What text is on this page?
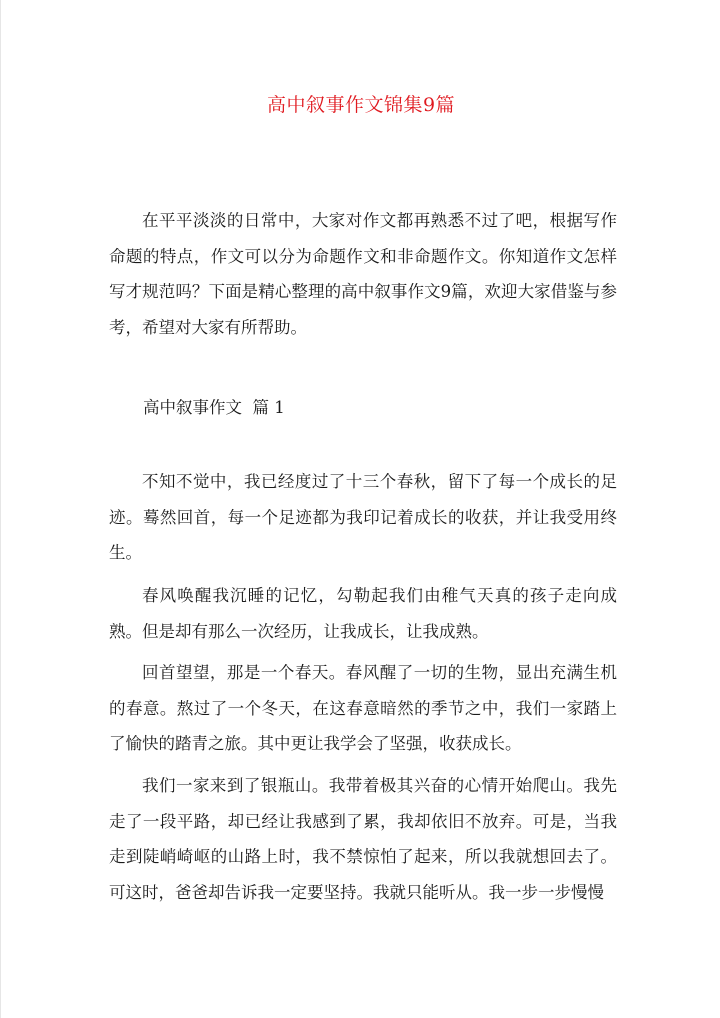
高中叙事作文锦集9篇

在平平淡淡的日常中，大家对作文都再熟悉不过了吧，根据写作命题的特点，作文可以分为命题作文和非命题作文。你知道作文怎样写才规范吗？下面是精心整理的高中叙事作文9篇，欢迎大家借鉴与参考，希望对大家有所帮助。

高中叙事作文  篇 1

不知不觉中，我已经度过了十三个春秋，留下了每一个成长的足迹。蓦然回首，每一个足迹都为我印记着成长的收获，并让我受用终生。

春风唤醒我沉睡的记忆，勾勒起我们由稚气天真的孩子走向成熟。但是却有那么一次经历，让我成长，让我成熟。

回首望望，那是一个春天。春风醒了一切的生物，显出充满生机的春意。熬过了一个冬天，在这春意暗然的季节之中，我们一家踏上了愉快的踏青之旅。其中更让我学会了坚强，收获成长。

我们一家来到了银瓶山。我带着极其兴奋的心情开始爬山。我先走了一段平路，却已经让我感到了累，我却依旧不放弃。可是，当我走到陡峭崎岖的山路上时，我不禁惊怕了起来，所以我就想回去了。可这时，爸爸却告诉我一定要坚持。我就只能听从。我一步一步慢慢
